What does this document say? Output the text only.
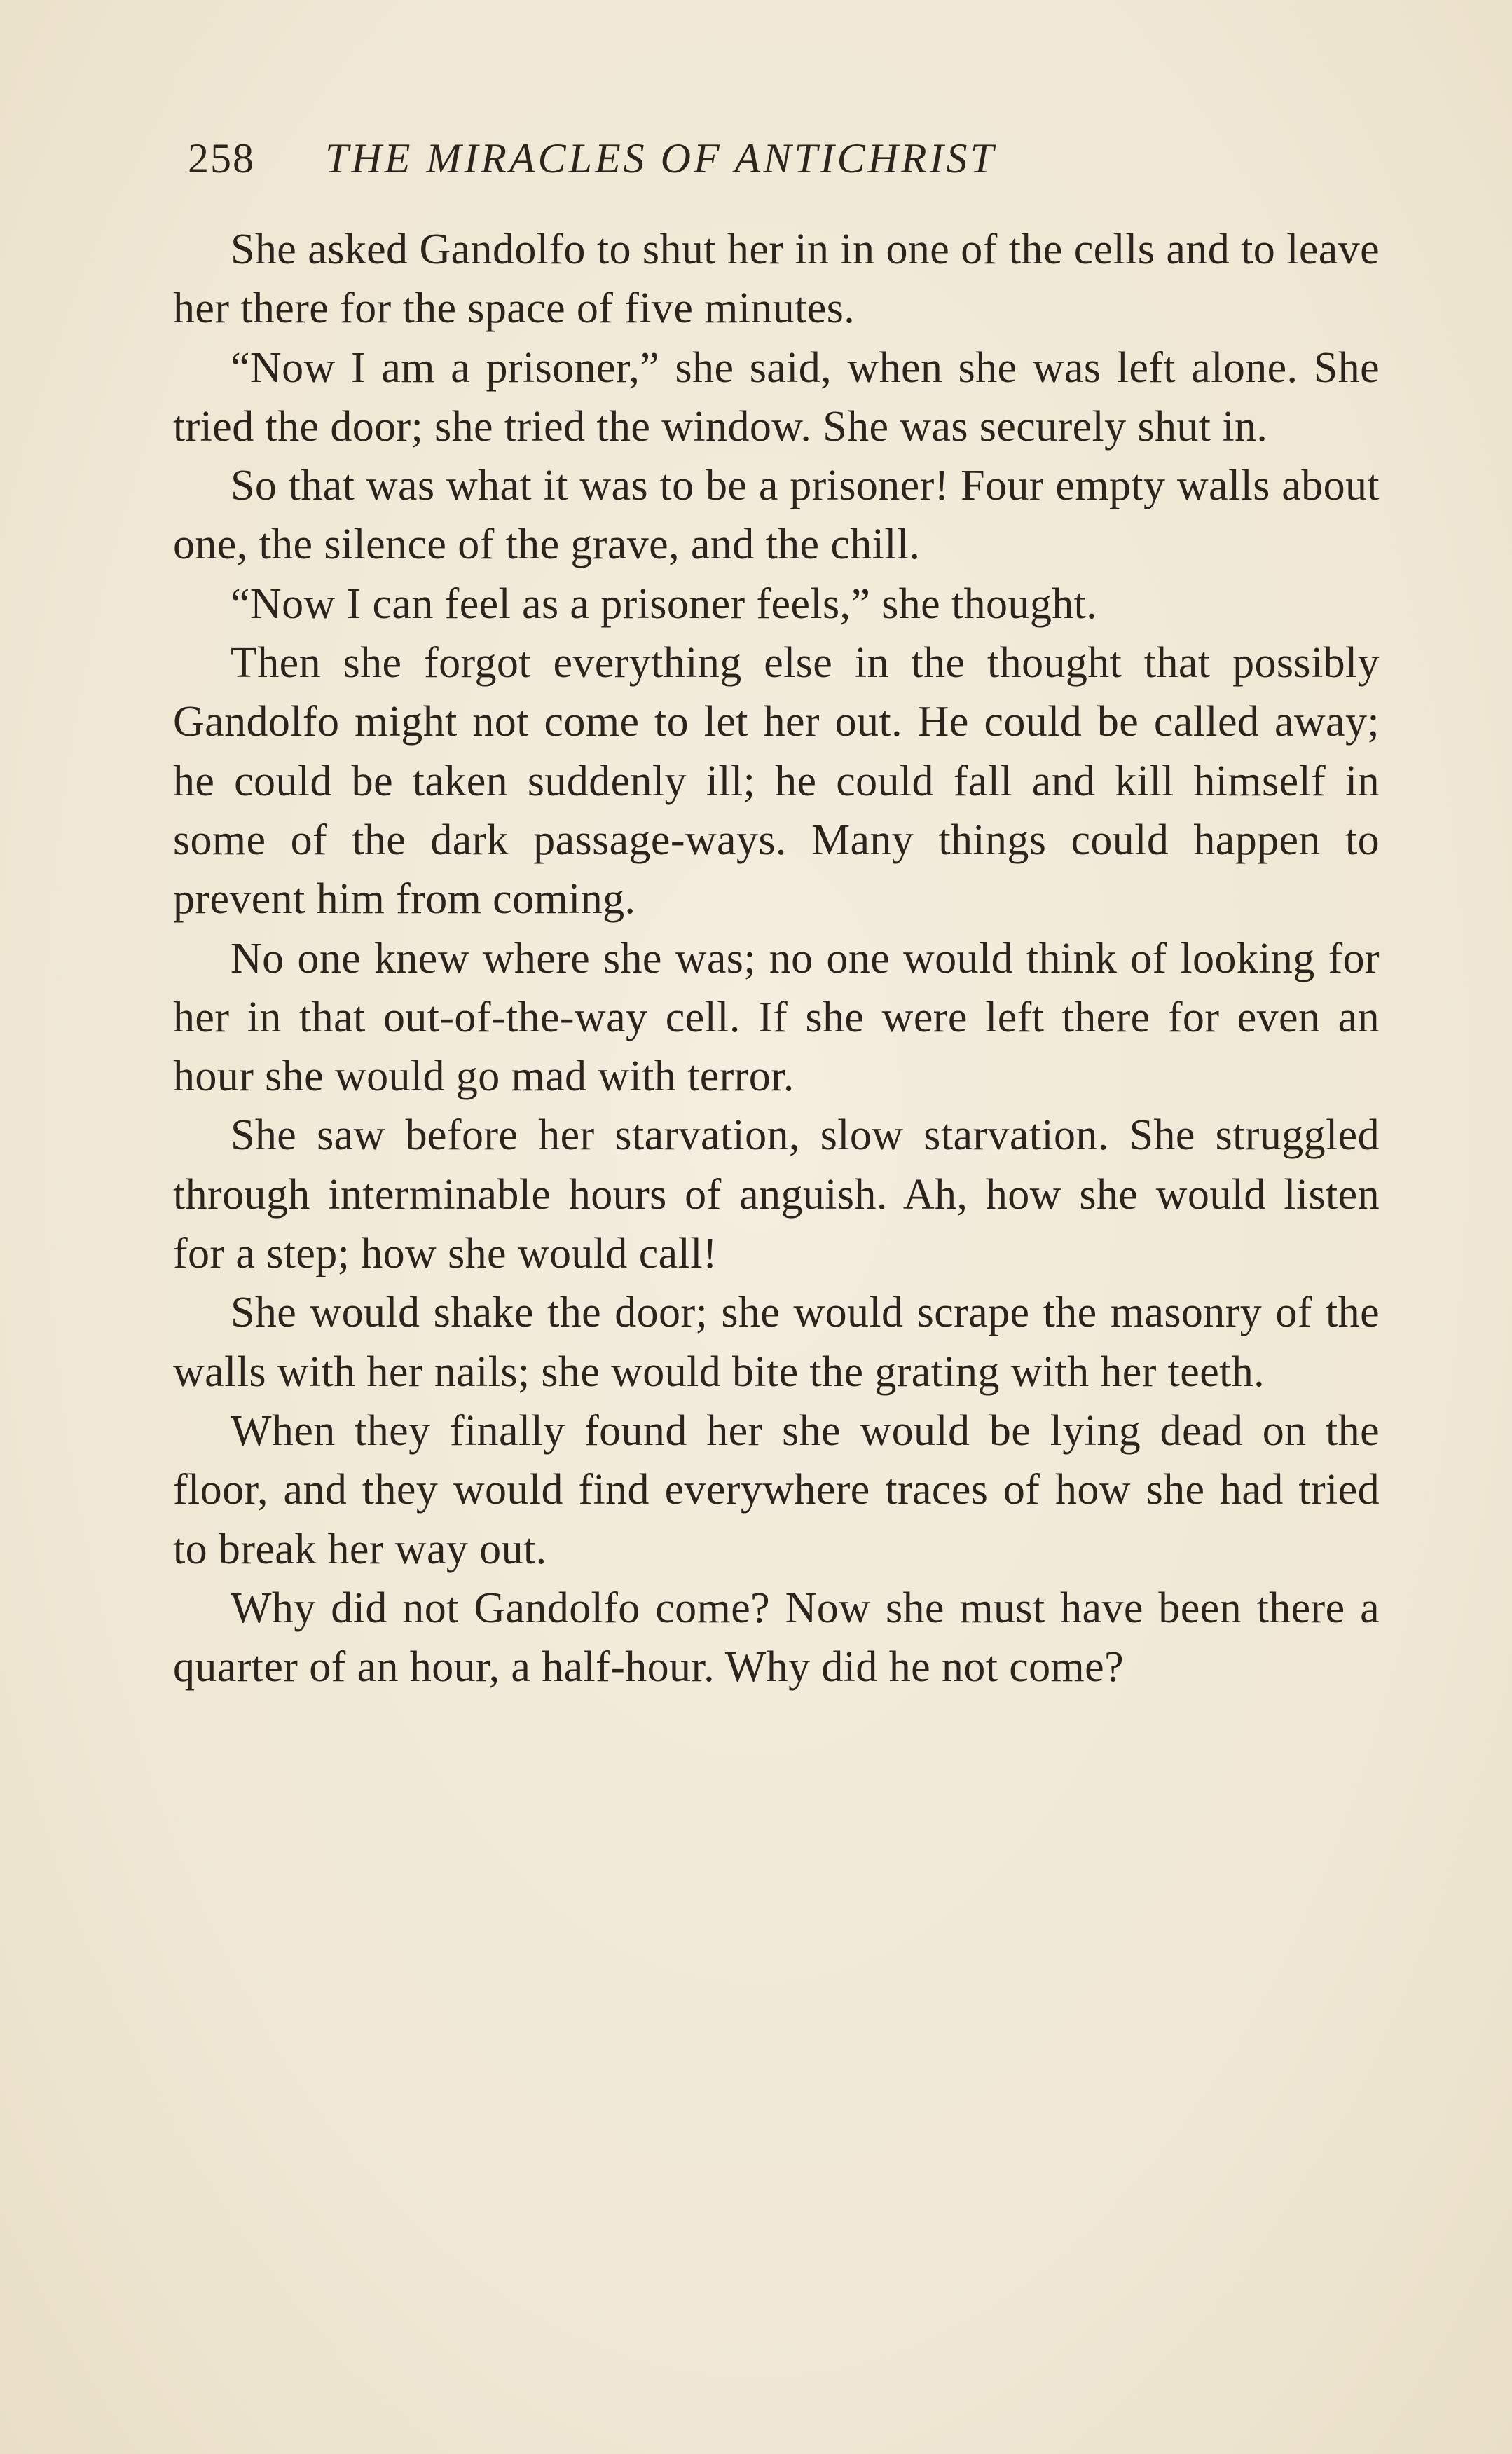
258 THE MIRACLES OF ANTICHRIST

She asked Gandolfo to shut her in in one of the cells and to leave her there for the space of five minutes.

“Now I am a prisoner,” she said, when she was left alone. She tried the door; she tried the window. She was securely shut in.

So that was what it was to be a prisoner! Four empty walls about one, the silence of the grave, and the chill.

“Now I can feel as a prisoner feels,” she thought.

Then she forgot everything else in the thought that possibly Gandolfo might not come to let her out. He could be called away; he could be taken suddenly ill; he could fall and kill himself in some of the dark passage-ways. Many things could happen to prevent him from coming.

No one knew where she was; no one would think of looking for her in that out-of-the-way cell. If she were left there for even an hour she would go mad with terror.

She saw before her starvation, slow starvation. She struggled through interminable hours of anguish. Ah, how she would listen for a step; how she would call!

She would shake the door; she would scrape the masonry of the walls with her nails; she would bite the grating with her teeth.

When they finally found her she would be lying dead on the floor, and they would find everywhere traces of how she had tried to break her way out.

Why did not Gandolfo come? Now she must have been there a quarter of an hour, a half-hour. Why did he not come?
